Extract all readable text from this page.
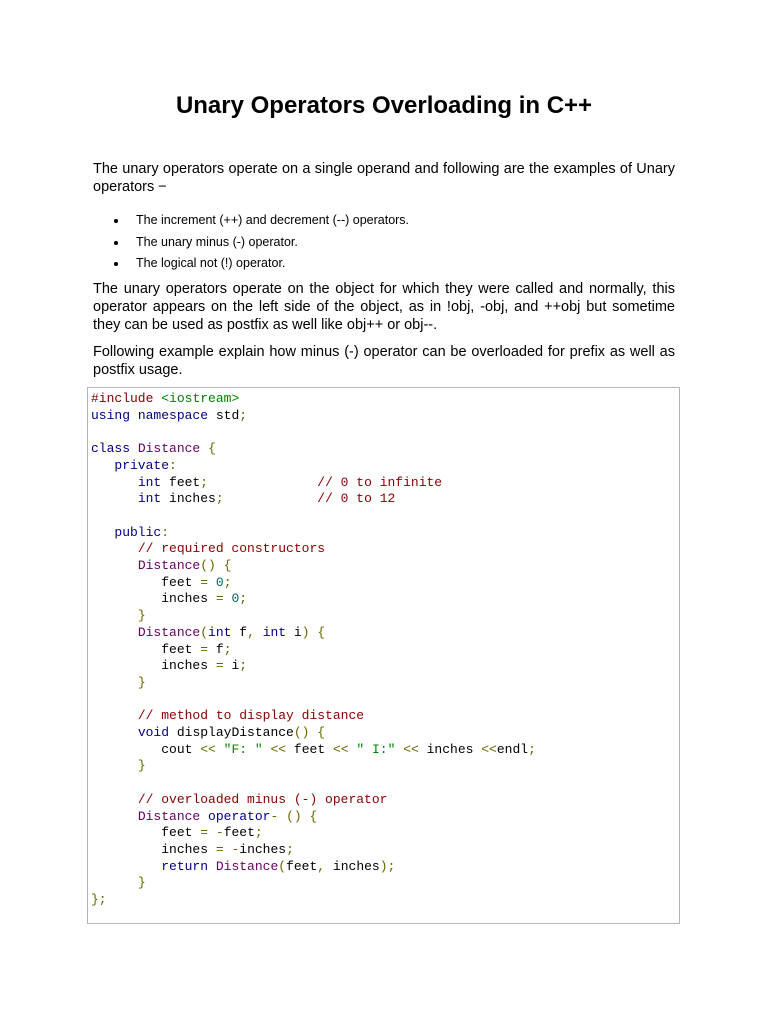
Unary Operators Overloading in C++
The unary operators operate on a single operand and following are the examples of Unary operators −
The increment (++) and decrement (--) operators.
The unary minus (-) operator.
The logical not (!) operator.
The unary operators operate on the object for which they were called and normally, this operator appears on the left side of the object, as in !obj, -obj, and ++obj but sometime they can be used as postfix as well like obj++ or obj--.
Following example explain how minus (-) operator can be overloaded for prefix as well as postfix usage.
#include <iostream>
using namespace std;

class Distance {
private:
int feet;	// 0 to infinite
int inches;	// 0 to 12

public:
// required constructors
Distance() {
feet = 0;
inches = 0;
}
Distance(int f, int i) {
feet = f;
inches = i;
}

// method to display distance
void displayDistance() {
cout << "F: " << feet << " I:" << inches <<endl;
}

// overloaded minus (-) operator
Distance operator- () {
feet = -feet;
inches = -inches;
return Distance(feet, inches);
}
};
